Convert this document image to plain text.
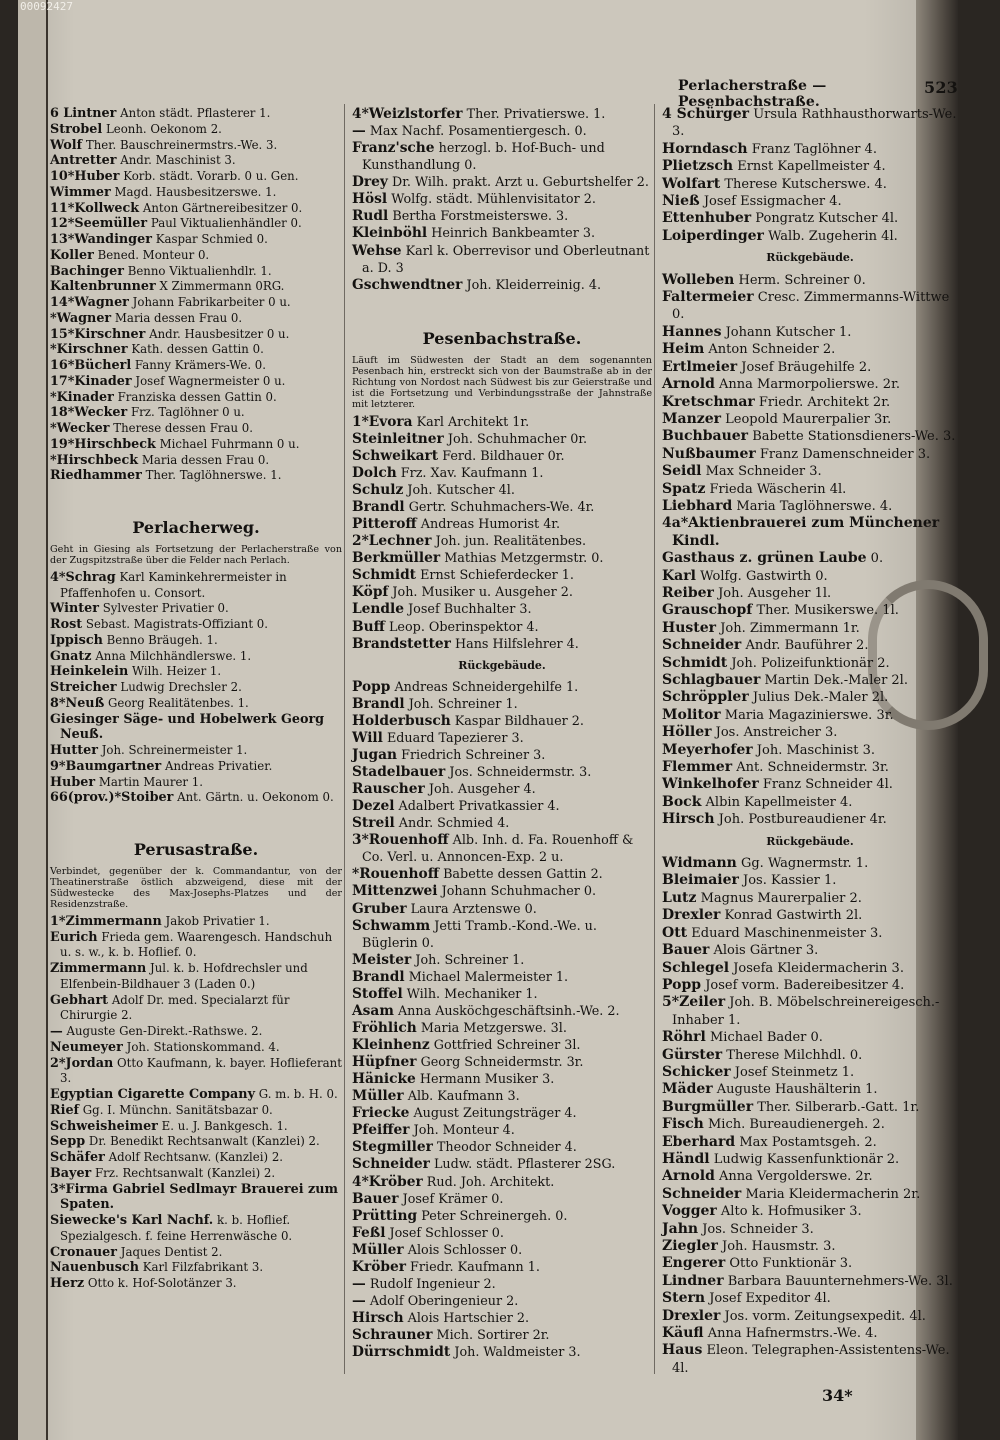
00092427
Perlacherstraße — Pesenbachstraße.
523
6 Lintner Anton städt. Pflasterer 1.
Strobel Leonh. Oekonom 2.
Wolf Ther. Bauschreinermstrs.-We. 3.
Antretter Andr. Maschinist 3.
10*Huber Korb. städt. Vorarb. 0 u. Gen.
Wimmer Magd. Hausbesitzerswe. 1.
11*Kollweck Anton Gärtnereibesitzer 0.
12*Seemüller Paul Viktualienhändler 0.
13*Wandinger Kaspar Schmied 0.
Koller Bened. Monteur 0.
Bachinger Benno Viktualienhdlr. 1.
Kaltenbrunner X Zimmermann 0RG.
14*Wagner Johann Fabrikarbeiter 0 u.
*Wagner Maria dessen Frau 0.
15*Kirschner Andr. Hausbesitzer 0 u.
*Kirschner Kath. dessen Gattin 0.
16*Bücherl Fanny Krämers-We. 0.
17*Kinader Josef Wagnermeister 0 u.
*Kinader Franziska dessen Gattin 0.
18*Wecker Frz. Taglöhner 0 u.
*Wecker Therese dessen Frau 0.
19*Hirschbeck Michael Fuhrmann 0 u.
*Hirschbeck Maria dessen Frau 0.
Riedhammer Ther. Taglöhnerswe. 1.
Perlacherweg.
Geht in Giesing als Fortsetzung der Perlacherstraße von der Zugspitzstraße über die Felder nach Perlach.
4*Schrag Karl Kaminkehrermeister in Pfaffenhofen u. Consort.
Winter Sylvester Privatier 0.
Rost Sebast. Magistrats-Offiziant 0.
Ippisch Benno Bräugeh. 1.
Gnatz Anna Milchhändlerswe. 1.
Heinkelein Wilh. Heizer 1.
Streicher Ludwig Drechsler 2.
8*Neuß Georg Realitätenbes. 1.
Giesinger Säge- und Hobelwerk Georg Neuß.
Hutter Joh. Schreinermeister 1.
9*Baumgartner Andreas Privatier.
Huber Martin Maurer 1.
66(prov.)*Stoiber Ant. Gärtn. u. Oekonom 0.
Perusastraße.
Verbindet, gegenüber der k. Commandantur, von der Theatinerstraße östlich abzweigend, diese mit der Südwestecke des Max-Josephs-Platzes und der Residenzstraße.
1*Zimmermann Jakob Privatier 1.
Eurich Frieda gem. Waarengesch. Handschuh u. s. w., k. b. Hoflief. 0.
Zimmermann Jul. k. b. Hofdrechsler und Elfenbein-Bildhauer 3 (Laden 0.)
Gebhart Adolf Dr. med. Specialarzt für Chirurgie 2.
— Auguste Gen-Direkt.-Rathswe. 2.
Neumeyer Joh. Stationskommand. 4.
2*Jordan Otto Kaufmann, k. bayer. Hoflieferant 3.
Egyptian Cigarette Company G. m. b. H. 0.
Rief Gg. I. Münchn. Sanitätsbazar 0.
Schweisheimer E. u. J. Bankgesch. 1.
Sepp Dr. Benedikt Rechtsanwalt (Kanzlei) 2.
Schäfer Adolf Rechtsanw. (Kanzlei) 2.
Bayer Frz. Rechtsanwalt (Kanzlei) 2.
3*Firma Gabriel Sedlmayr Brauerei zum Spaten.
Siewecke's Karl Nachf. k. b. Hoflief. Spezialgesch. f. feine Herrenwäsche 0.
Cronauer Jaques Dentist 2.
Nauenbusch Karl Filzfabrikant 3.
Herz Otto k. Hof-Solotänzer 3.
4*Weizlstorfer Ther. Privatierswe. 1.
— Max Nachf. Posamentiergesch. 0.
Franz'sche herzogl. b. Hof-Buch- und Kunsthandlung 0.
Drey Dr. Wilh. prakt. Arzt u. Geburtshelfer 2.
Hösl Wolfg. städt. Mühlenvisitator 2.
Rudl Bertha Forstmeisterswe. 3.
Kleinböhl Heinrich Bankbeamter 3.
Wehse Karl k. Oberrevisor und Oberleutnant a. D. 3
Gschwendtner Joh. Kleiderreinig. 4.
Pesenbachstraße.
Läuft im Südwesten der Stadt an dem sogenannten Pesenbach hin, erstreckt sich von der Baumstraße ab in der Richtung von Nordost nach Südwest bis zur Geierstraße und ist die Fortsetzung und Verbindungsstraße der Jahnstraße mit letzterer.
1*Evora Karl Architekt 1r.
Steinleitner Joh. Schuhmacher 0r.
Schweikart Ferd. Bildhauer 0r.
Dolch Frz. Xav. Kaufmann 1.
Schulz Joh. Kutscher 4l.
Brandl Gertr. Schuhmachers-We. 4r.
Pitteroff Andreas Humorist 4r.
2*Lechner Joh. jun. Realitätenbes.
Berkmüller Mathias Metzgermstr. 0.
Schmidt Ernst Schieferdecker 1.
Köpf Joh. Musiker u. Ausgeher 2.
Lendle Josef Buchhalter 3.
Buff Leop. Oberinspektor 4.
Brandstetter Hans Hilfslehrer 4.
Rückgebäude.
Popp Andreas Schneidergehilfe 1.
Brandl Joh. Schreiner 1.
Holderbusch Kaspar Bildhauer 2.
Will Eduard Tapezierer 3.
Jugan Friedrich Schreiner 3.
Stadelbauer Jos. Schneidermstr. 3.
Rauscher Joh. Ausgeher 4.
Dezel Adalbert Privatkassier 4.
Streil Andr. Schmied 4.
3*Rouenhoff Alb. Inh. d. Fa. Rouenhoff & Co. Verl. u. Annoncen-Exp. 2 u.
*Rouenhoff Babette dessen Gattin 2.
Mittenzwei Johann Schuhmacher 0.
Gruber Laura Arztenswe 0.
Schwamm Jetti Tramb.-Kond.-We. u. Büglerin 0.
Meister Joh. Schreiner 1.
Brandl Michael Malermeister 1.
Stoffel Wilh. Mechaniker 1.
Asam Anna Ausköchgeschäftsinh.-We. 2.
Fröhlich Maria Metzgerswe. 3l.
Kleinhenz Gottfried Schreiner 3l.
Hüpfner Georg Schneidermstr. 3r.
Hänicke Hermann Musiker 3.
Müller Alb. Kaufmann 3.
Friecke August Zeitungsträger 4.
Pfeiffer Joh. Monteur 4.
Stegmiller Theodor Schneider 4.
Schneider Ludw. städt. Pflasterer 2SG.
4*Kröber Rud. Joh. Architekt.
Bauer Josef Krämer 0.
Prütting Peter Schreinergeh. 0.
Feßl Josef Schlosser 0.
Müller Alois Schlosser 0.
Kröber Friedr. Kaufmann 1.
— Rudolf Ingenieur 2.
— Adolf Oberingenieur 2.
Hirsch Alois Hartschier 2.
Schrauner Mich. Sortirer 2r.
Dürrschmidt Joh. Waldmeister 3.
4 Schürger Ursula Rathhausthorwarts-We. 3.
Horndasch Franz Taglöhner 4.
Plietzsch Ernst Kapellmeister 4.
Wolfart Therese Kutscherswe. 4.
Nieß Josef Essigmacher 4.
Ettenhuber Pongratz Kutscher 4l.
Loiperdinger Walb. Zugeherin 4l.
Rückgebäude.
Wolleben Herm. Schreiner 0.
Faltermeier Cresc. Zimmermanns-Wittwe 0.
Hannes Johann Kutscher 1.
Heim Anton Schneider 2.
Ertlmeier Josef Bräugehilfe 2.
Arnold Anna Marmorpolierswe. 2r.
Kretschmar Friedr. Architekt 2r.
Manzer Leopold Maurerpalier 3r.
Buchbauer Babette Stationsdieners-We. 3.
Nußbaumer Franz Damenschneider 3.
Seidl Max Schneider 3.
Spatz Frieda Wäscherin 4l.
Liebhard Maria Taglöhnerswe. 4.
4a*Aktienbrauerei zum Münchener Kindl.
Gasthaus z. grünen Laube 0.
Karl Wolfg. Gastwirth 0.
Reiber Joh. Ausgeher 1l.
Grauschopf Ther. Musikerswe. 1l.
Huster Joh. Zimmermann 1r.
Schneider Andr. Bauführer 2.
Schmidt Joh. Polizeifunktionär 2.
Schlagbauer Martin Dek.-Maler 2l.
Schröppler Julius Dek.-Maler 2l.
Molitor Maria Magazinierswe. 3r.
Höller Jos. Anstreicher 3.
Meyerhofer Joh. Maschinist 3.
Flemmer Ant. Schneidermstr. 3r.
Winkelhofer Franz Schneider 4l.
Bock Albin Kapellmeister 4.
Hirsch Joh. Postbureaudiener 4r.
Rückgebäude.
Widmann Gg. Wagnermstr. 1.
Bleimaier Jos. Kassier 1.
Lutz Magnus Maurerpalier 2.
Drexler Konrad Gastwirth 2l.
Ott Eduard Maschinenmeister 3.
Bauer Alois Gärtner 3.
Schlegel Josefa Kleidermacherin 3.
Popp Josef vorm. Badereibesitzer 4.
5*Zeiler Joh. B. Möbelschreinereigesch.-Inhaber 1.
Röhrl Michael Bader 0.
Gürster Therese Milchhdl. 0.
Schicker Josef Steinmetz 1.
Mäder Auguste Haushälterin 1.
Burgmüller Ther. Silberarb.-Gatt. 1r.
Fisch Mich. Bureaudienergeh. 2.
Eberhard Max Postamtsgeh. 2.
Händl Ludwig Kassenfunktionär 2.
Arnold Anna Vergolderswe. 2r.
Schneider Maria Kleidermacherin 2r.
Vogger Alto k. Hofmusiker 3.
Jahn Jos. Schneider 3.
Ziegler Joh. Hausmstr. 3.
Engerer Otto Funktionär 3.
Lindner Barbara Bauunternehmers-We. 3l.
Stern Josef Expeditor 4l.
Drexler Jos. vorm. Zeitungsexpedit. 4l.
Käufl Anna Hafnermstrs.-We. 4.
Haus Eleon. Telegraphen-Assistentens-We. 4l.
34*
